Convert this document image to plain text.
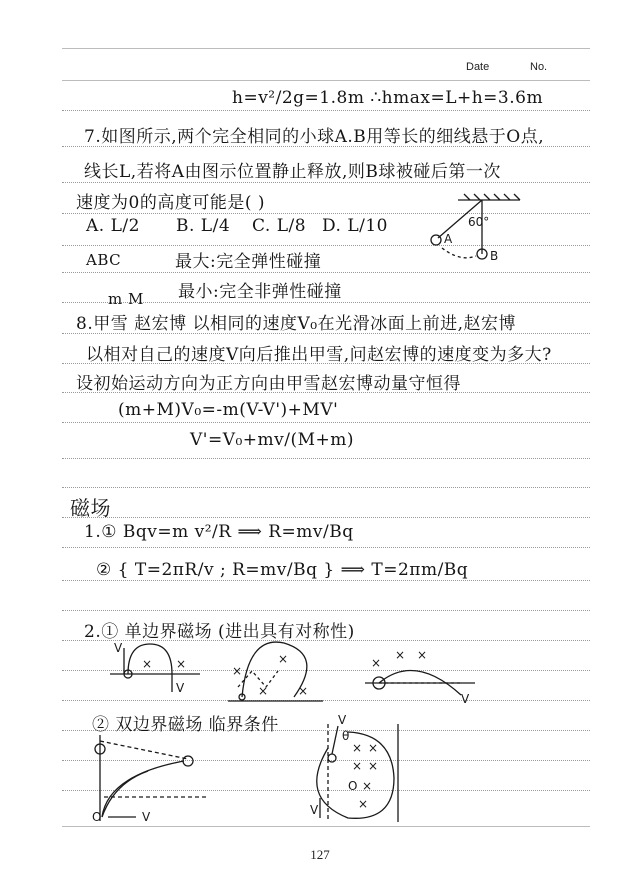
Date	No.
h=v²/2g=1.8m ∴hmax=L+h=3.6m
7.如图所示,两个完全相同的小球A.B用等长的细线悬于O点,
线长L,若将A由图示位置静止释放,则B球被碰后第一次
速度为0的高度可能是( )
A. L/2 B. L/4 C. L/8 D. L/10
ABC	最大:完全弹性碰撞
最小:完全非弹性碰撞
m M
8.甲雪 赵宏博 以相同的速度V₀在光滑冰面上前进,赵宏博
以相对自己的速度V向后推出甲雪,问赵宏博的速度变为多大?
设初始运动方向为正方向由甲雪赵宏博动量守恒得
(m+M)V₀=-m(V-V')+MV'
V'=V₀+mv/(M+m)
磁场
1.① Bqv=m v²/R ⟹ R=mv/Bq
② { T=2πR/v ; R=mv/Bq } ⟹ T=2πm/Bq
2.① 单边界磁场 (进出具有对称性)
② 双边界磁场 临界条件
60°
A
B
V
V
× ×	×
×
× ×
×
× ×
V
O	V
θ
V
V
× ×
× ×
O ×
×
127
